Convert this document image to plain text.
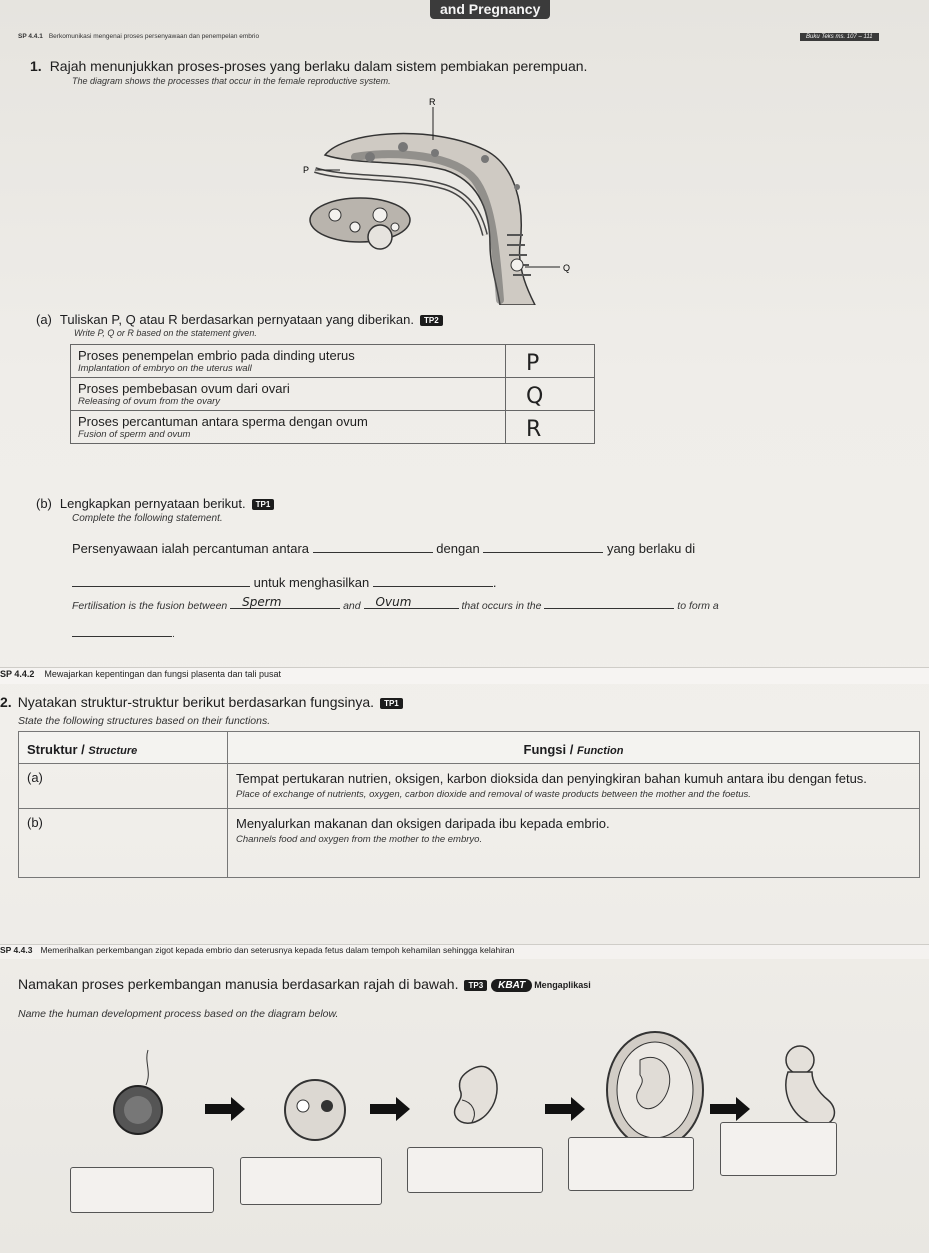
and Pregnancy
SP 4.4.1 Berkomunikasi mengenai proses persenyawaan dan penempelan embrio	Buku Teks ms. 107 – 111
1. Rajah menunjukkan proses-proses yang berlaku dalam sistem pembiakan perempuan.
The diagram shows the processes that occur in the female reproductive system.
R
P
Q
(a) Tuliskan P, Q atau R berdasarkan pernyataan yang diberikan. TP2
Write P, Q or R based on the statement given.
Proses penempelan embrio pada dinding uterus
Implantation of embryo on the uterus wall	P

Proses pembebasan ovum dari ovari
Releasing of ovum from the ovary	Q

Proses percantuman antara sperma dengan ovum
Fusion of sperm and ovum	R
(b) Lengkapkan pernyataan berikut. TP1
Complete the following statement.
Persenyawaan ialah percantuman antara	dengan	yang berlaku di
untuk menghasilkan	.
Fertilisation is the fusion between Sperm	and Ovum	that occurs in the	to form a
.
SP 4.4.2 Mewajarkan kepentingan dan fungsi plasenta dan tali pusat
2. Nyatakan struktur-struktur berikut berdasarkan fungsinya. TP1
State the following structures based on their functions.
Struktur / Structure	Fungsi / Function
(a)	Tempat pertukaran nutrien, oksigen, karbon dioksida dan penyingkiran bahan kumuh antara ibu dengan fetus.
Place of exchange of nutrients, oxygen, carbon dioxide and removal of waste products between the mother and the foetus.

(b)	Menyalurkan makanan dan oksigen daripada ibu kepada embrio.
Channels food and oxygen from the mother to the embryo.
SP 4.4.3 Memerihalkan perkembangan zigot kepada embrio dan seterusnya kepada fetus dalam tempoh kehamilan sehingga kelahiran
Namakan proses perkembangan manusia berdasarkan rajah di bawah. TP3 KBAT Mengaplikasi
Name the human development process based on the diagram below.
